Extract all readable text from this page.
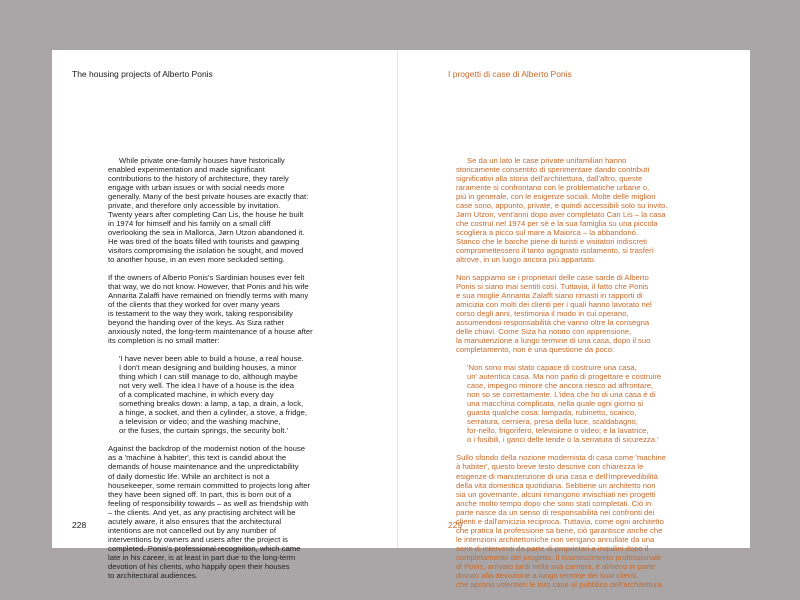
The housing projects of Alberto Ponis

While private one-family houses have historically
enabled experimentation and made significant
contributions to the history of architecture, they rarely
engage with urban issues or with social needs more
generally. Many of the best private houses are exactly that:
private, and therefore only accessible by invitation.
Twenty years after completing Can Lis, the house he built
in 1974 for himself and his family on a small cliff
overlooking the sea in Mallorca, Jørn Utzon abandoned it.
He was tired of the boats filled with tourists and gawping
visitors compromising the isolation he sought, and moved
to another house, in an even more secluded setting.

If the owners of Alberto Ponis's Sardinian houses ever felt
that way, we do not know. However, that Ponis and his wife
Annarita Zalaffi have remained on friendly terms with many
of the clients that they worked for over many years
is testament to the way they work, taking responsibility
beyond the handing over of the keys. As Siza rather
anxiously noted, the long-term maintenance of a house after
its completion is no small matter:

'I have never been able to build a house, a real house.
I don't mean designing and building houses, a minor
thing which I can still manage to do, although maybe
not very well. The idea I have of a house is the idea
of a complicated machine, in which every day
something breaks down: a lamp, a tap, a drain, a lock,
a hinge, a socket, and then a cylinder, a stove, a fridge,
a television or video; and the washing machine,
or the fuses, the curtain springs, the security bolt.'

Against the backdrop of the modernist notion of the house
as a 'machine à habiter', this text is candid about the
demands of house maintenance and the unpredictability
of daily domestic life. While an architect is not a
housekeeper, some remain committed to projects long after
they have been signed off. In part, this is born out of a
feeling of responsibility towards – as well as friendship with
– the clients. And yet, as any practising architect will be
acutely aware, it also ensures that the architectural
intentions are not cancelled out by any number of
interventions by owners and users after the project is
completed. Ponis's professional recognition, which came
late in his career, is at least in part due to the long-term
devotion of his clients, who happily open their houses
to architectural audiences.

228
I progetti di case di Alberto Ponis

Se da un lato le case private unifamiliari hanno
storicamente consentito di sperimentare dando contributi
significativi alla storia dell'architettura, dall'altro, queste
raramente si confrontano con le problematiche urbane o,
più in generale, con le esigenze sociali. Molte delle migliori
case sono, appunto, private, e quindi accessibili solo su invito.
Jørn Utzon, vent'anni dopo aver completato Can Lis – la casa
che costruì nel 1974 per sé e la sua famiglia su una piccola
scogliera a picco sul mare a Maiorca – la abbandonò.
Stanco che le barche piene di turisti e visitatori indiscreti
compromettessero il tanto agognato isolamento, si trasferì
altrove, in un luogo ancora più appartato.

Non sappiamo se i proprietari delle case sarde di Alberto
Ponis si siano mai sentiti così. Tuttavia, il fatto che Ponis
e sua moglie Annarita Zalaffi siano rimasti in rapporti di
amicizia con molti dei clienti per i quali hanno lavorato nel
corso degli anni, testimonia il modo in cui operano,
assumendosi responsabilità che vanno oltre la consegna
delle chiavi. Come Siza ha notato con apprensione,
la manutenzione a lungo termine di una casa, dopo il suo
completamento, non è una questione da poco:

'Non sono mai stato capace di costruire una casa,
un' autentica casa. Ma non parlo di progettare e costruire
case, impegno minore che ancora riesco ad affrontare,
non so se correttamente. L'idea che ho di una casa è di
una macchina complicata, nella quale ogni giorno si
guasta qualche cosa: lampada, rubinetto, scarico,
serratura, cerniera, presa della luce, scaldabagno,
for-nello, frigorifero, televisione o video; e la lavatrice,
o i fusibili, i ganci delle tende o la serratura di sicurezza.'

Sullo sfondo della nozione modernista di casa come 'machine
à habiter', questo breve testo descrive con chiarezza le
esigenze di manutenzione di una casa e dell'imprevedibilità
della vita domestica quotidiana. Sebbene un architetto non
sia un governante, alcuni rimangono invischiati nei progetti
anche molto tempo dopo che sono stati completati. Ciò in
parte nasce da un senso di responsabilità nei confronti dei
clienti e dall'amicizia reciproca. Tuttavia, come ogni architetto
che pratica la professione sa bene, ciò garantisce anche che
le intenzioni architettoniche non vengano annullate da una
serie di interventi da parte di proprietari e inquilini dopo il
completamento del progetto. Il riconoscimento professionale
di Ponis, arrivato tardi nella sua carriera, è almeno in parte
dovuto alla devozione a lungo termine dei suoi clienti,
che aprono volentieri le loro case al pubblico dell'architettura.

229
